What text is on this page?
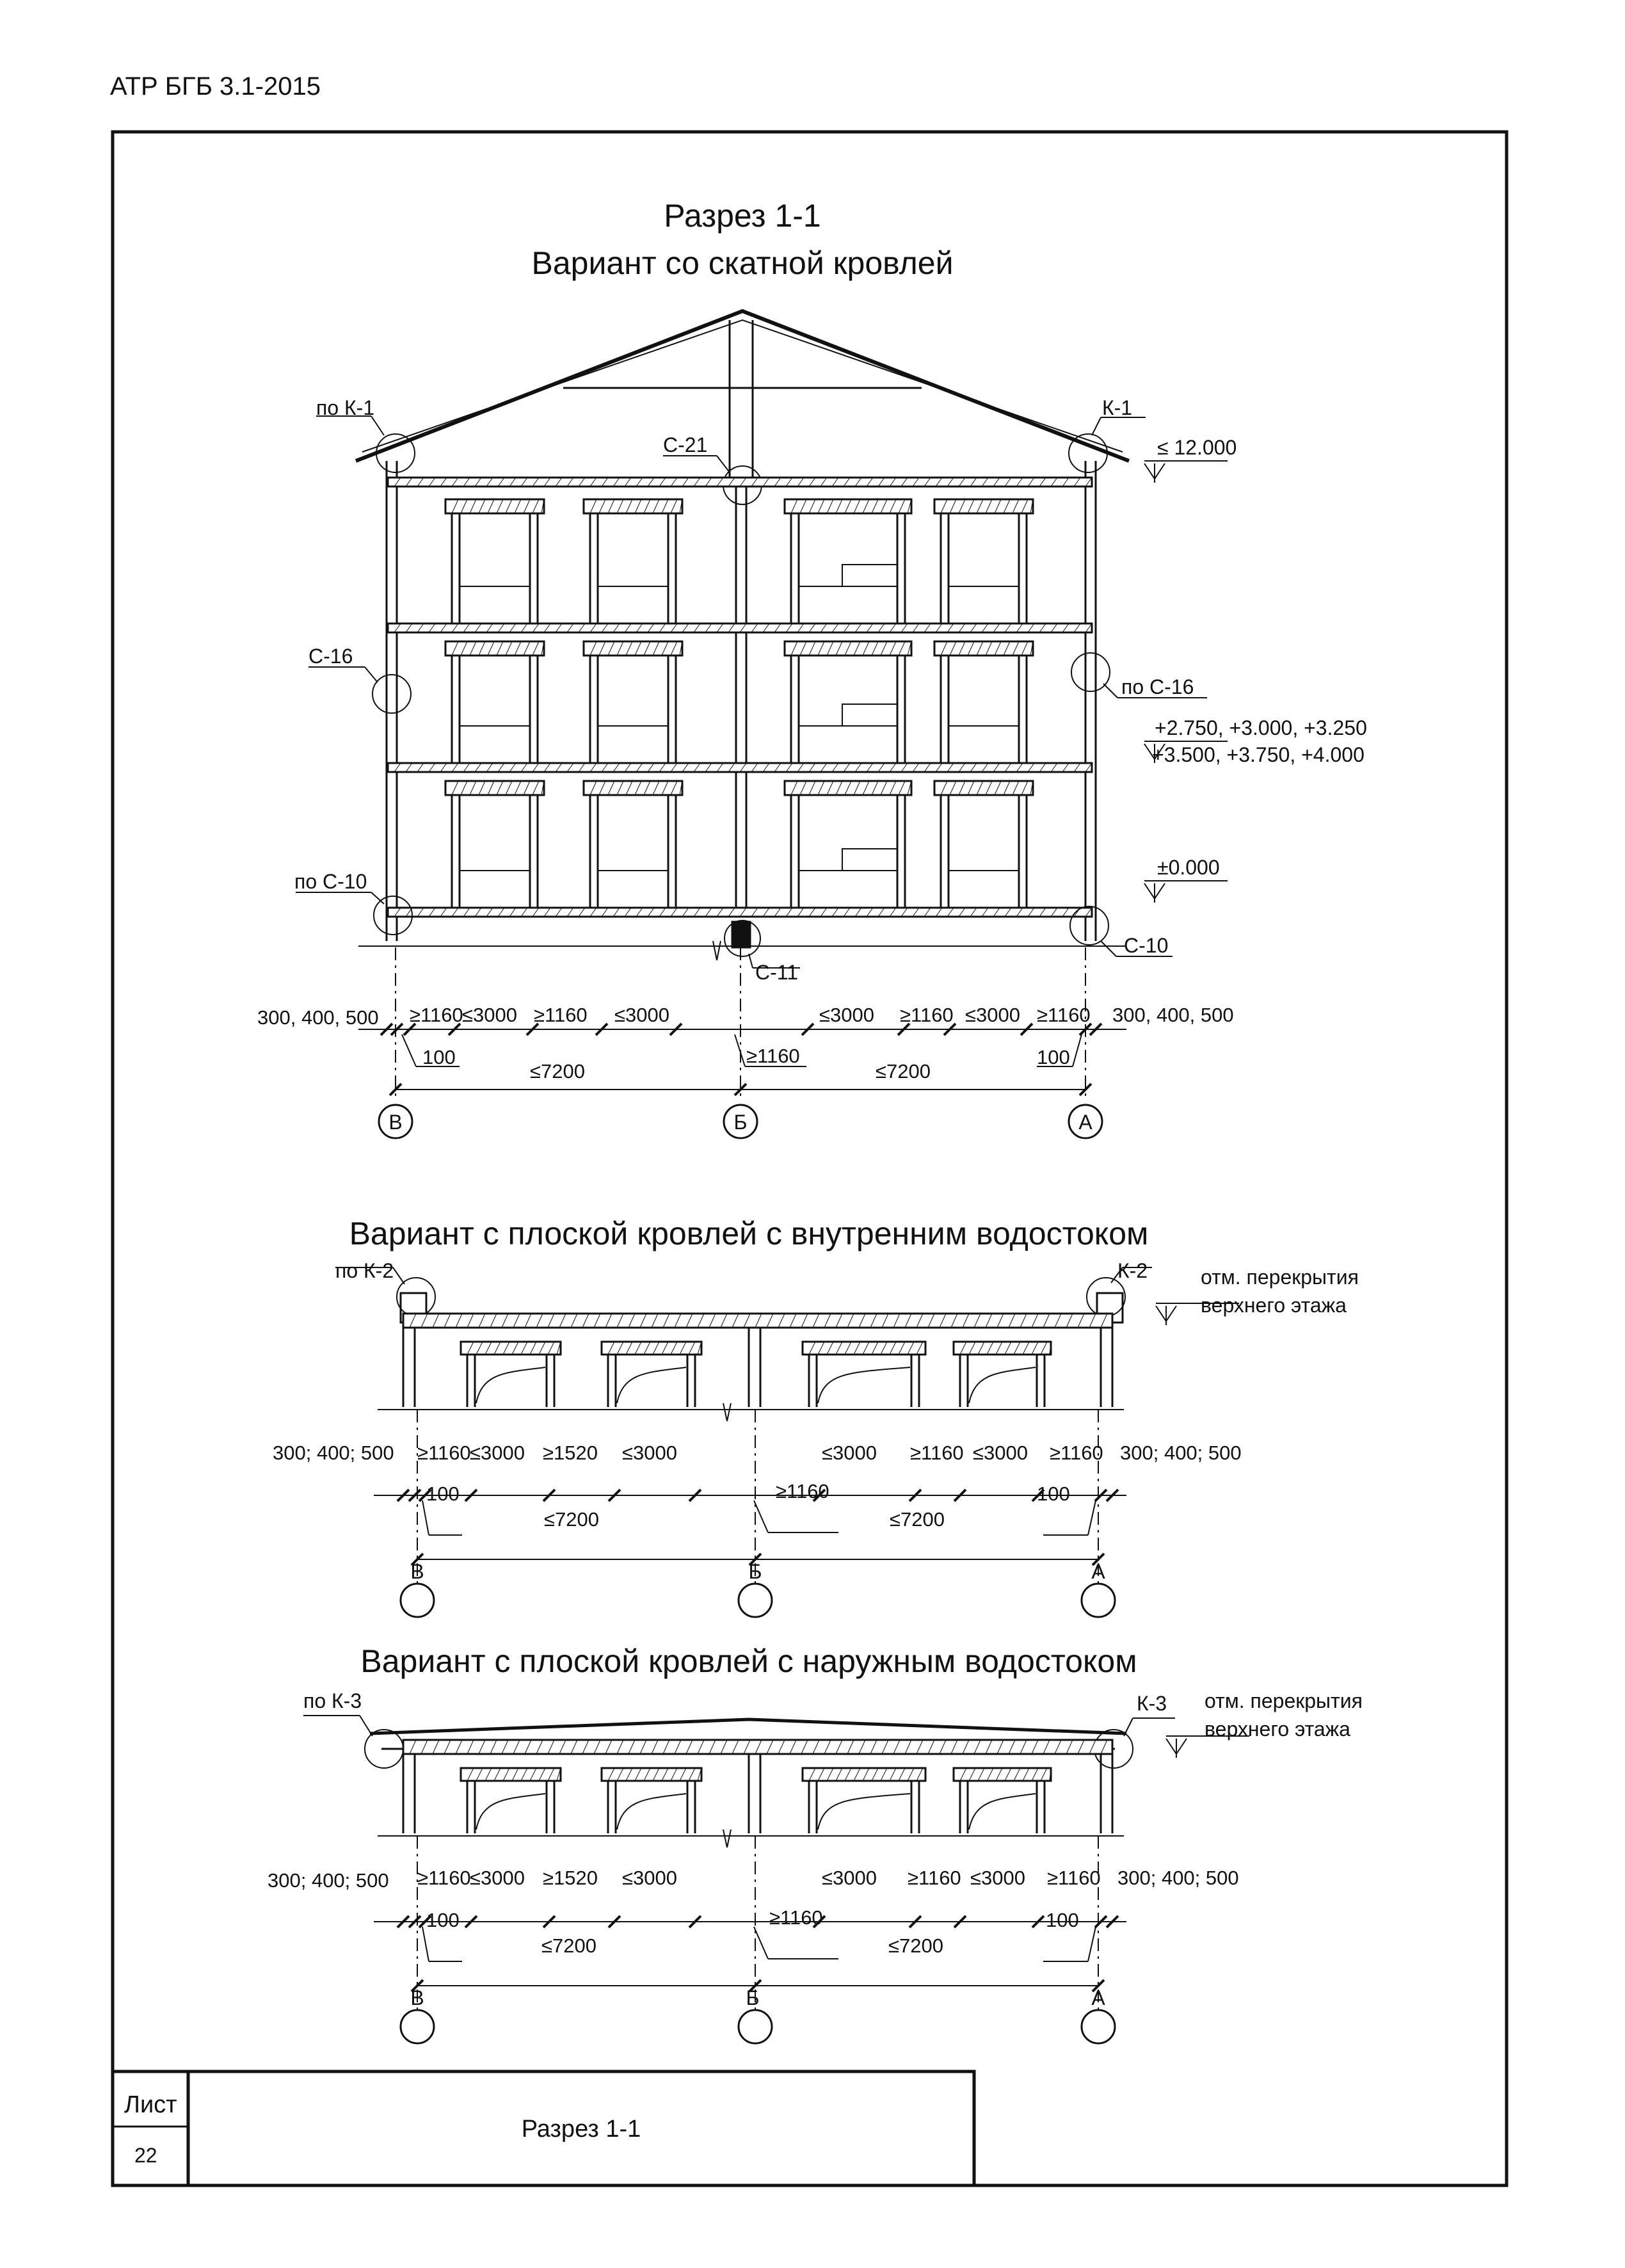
АТР БГБ 3.1-2015
Разрез 1-1
Вариант со скатной кровлей
по К-1	К-1
С-21
С-16
по С-16
по С-10
С-10
С-11
≤ 12.000
+2.750, +3.000, +3.250
+3.500, +3.750, +4.000
±0.000
300, 400, 500 ≥1160
≤3000 ≥1160 ≤3000	≤3000 ≥1160 ≤3000 ≥1160 300, 400, 500
100	≥1160	100
≤7200	≤7200
В	Б	А
Вариант с плоской кровлей с внутренним водостоком
по К-2	К-2	отм. перекрытия
верхнего этажа
300; 400; 500 ≥1160
≤3000 ≥1520 ≤3000	≤3000 ≥1160 ≤3000 ≥1160 300; 400; 500
100	≥1160	100
≤7200	≤7200
В	Б	А
Вариант с плоской кровлей с наружным водостоком
по К-3	К-3 отм. перекрытия
верхнего этажа
300; 400; 500 ≥1160
≤3000 ≥1520 ≤3000	≤3000 ≥1160 ≤3000 ≥1160 300; 400; 500
100	≥1160	100
≤7200	≤7200
В	Б	А
Лист
22
Разрез 1-1
